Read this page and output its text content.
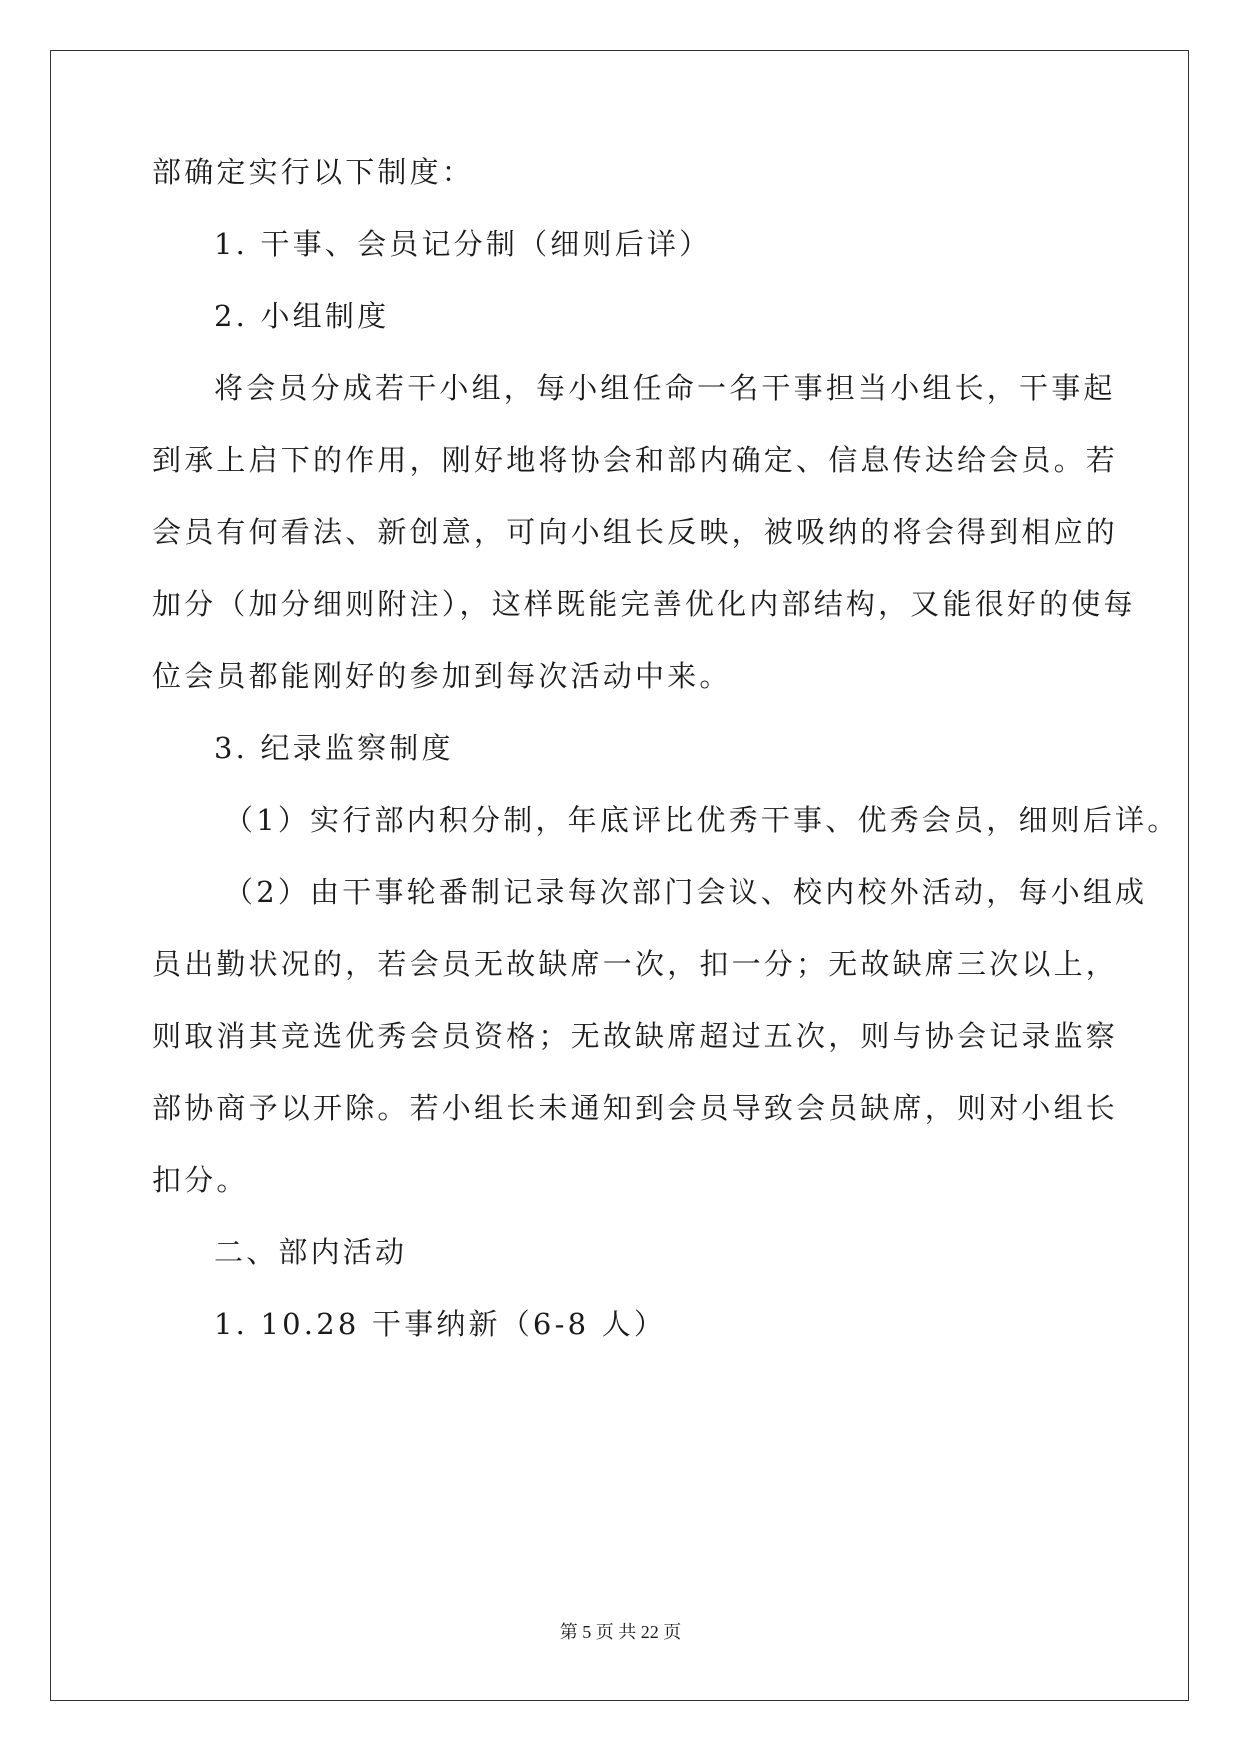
部确定实行以下制度：
1. 干事、会员记分制（细则后详）
2. 小组制度
将会员分成若干小组，每小组任命一名干事担当小组长，干事起
到承上启下的作用，刚好地将协会和部内确定、信息传达给会员。若
会员有何看法、新创意，可向小组长反映，被吸纳的将会得到相应的
加分（加分细则附注），这样既能完善优化内部结构，又能很好的使每
位会员都能刚好的参加到每次活动中来。
3. 纪录监察制度
（1）实行部内积分制，年底评比优秀干事、优秀会员，细则后详。
（2）由干事轮番制记录每次部门会议、校内校外活动，每小组成
员出勤状况的，若会员无故缺席一次，扣一分；无故缺席三次以上，
则取消其竞选优秀会员资格；无故缺席超过五次，则与协会记录监察
部协商予以开除。若小组长未通知到会员导致会员缺席，则对小组长
扣分。
二、部内活动
1. 10.28 干事纳新（6-8 人）
第 5 页 共 22 页
